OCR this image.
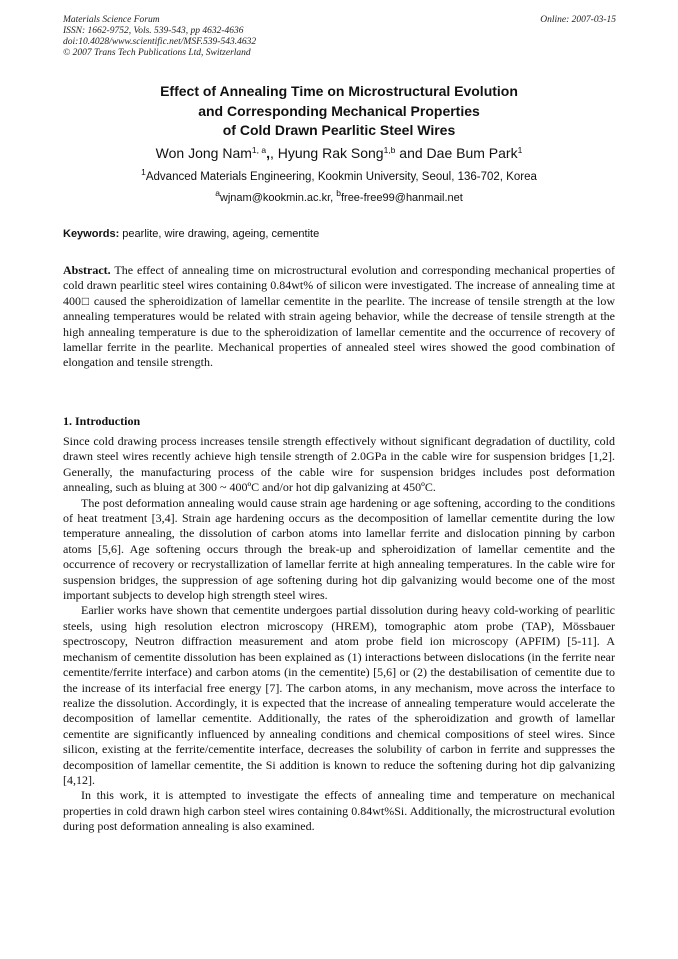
Materials Science Forum
ISSN: 1662-9752, Vols. 539-543, pp 4632-4636
doi:10.4028/www.scientific.net/MSF.539-543.4632
© 2007 Trans Tech Publications Ltd, Switzerland
Online: 2007-03-15
Effect of Annealing Time on Microstructural Evolution
and Corresponding Mechanical Properties
of Cold Drawn Pearlitic Steel Wires
Won Jong Nam$^{1, a}$,, Hyung Rak Song$^{1,b}$ and Dae Bum Park$^1$
$^1$Advanced Materials Engineering, Kookmin University, Seoul, 136-702, Korea
$^a$wjnam@kookmin.ac.kr, $^b$free-free99@hanmail.net
Keywords: pearlite, wire drawing, ageing, cementite
Abstract. The effect of annealing time on microstructural evolution and corresponding mechanical properties of cold drawn pearlitic steel wires containing 0.84wt% of silicon were investigated. The increase of annealing time at 400□ caused the spheroidization of lamellar cementite in the pearlite. The increase of tensile strength at the low annealing temperatures would be related with strain ageing behavior, while the decrease of tensile strength at the high annealing temperature is due to the spheroidization of lamellar cementite and the occurrence of recovery of lamellar ferrite in the pearlite. Mechanical properties of annealed steel wires showed the good combination of elongation and tensile strength.
1. Introduction

Since cold drawing process increases tensile strength effectively without significant degradation of ductility, cold drawn steel wires recently achieve high tensile strength of 2.0GPa in the cable wire for suspension bridges [1,2]. Generally, the manufacturing process of the cable wire for suspension bridges includes post deformation annealing, such as bluing at 300 ~ 400ºC and/or hot dip galvanizing at 450ºC.

The post deformation annealing would cause strain age hardening or age softening, according to the conditions of heat treatment [3,4]. Strain age hardening occurs as the decomposition of lamellar cementite during the low temperature annealing, the dissolution of carbon atoms into lamellar ferrite and dislocation pinning by carbon atoms [5,6]. Age softening occurs through the break-up and spheroidization of lamellar cementite and the occurrence of recovery or recrystallization of lamellar ferrite at high annealing temperatures. In the cable wire for suspension bridges, the suppression of age softening during hot dip galvanizing would become one of the most important subjects to develop high strength steel wires.

Earlier works have shown that cementite undergoes partial dissolution during heavy cold-working of pearlitic steels, using high resolution electron microscopy (HREM), tomographic atom probe (TAP), Mössbauer spectroscopy, Neutron diffraction measurement and atom probe field ion microscopy (APFIM) [5-11]. A mechanism of cementite dissolution has been explained as (1) interactions between dislocations (in the ferrite near cementite/ferrite interface) and carbon atoms (in the cementite) [5,6] or (2) the destabilisation of cementite due to the increase of its interfacial free energy [7]. The carbon atoms, in any mechanism, move across the interface to realize the dissolution. Accordingly, it is expected that the increase of annealing temperature would accelerate the decomposition of lamellar cementite. Additionally, the rates of the spheroidization and growth of lamellar cementite are significantly influenced by annealing conditions and chemical compositions of steel wires. Since silicon, existing at the ferrite/cementite interface, decreases the solubility of carbon in ferrite and suppresses the decomposition of lamellar cementite, the Si addition is known to reduce the softening during hot dip galvanizing [4,12].

In this work, it is attempted to investigate the effects of annealing time and temperature on mechanical properties in cold drawn high carbon steel wires containing 0.84wt%Si. Additionally, the microstructural evolution during post deformation annealing is also examined.
